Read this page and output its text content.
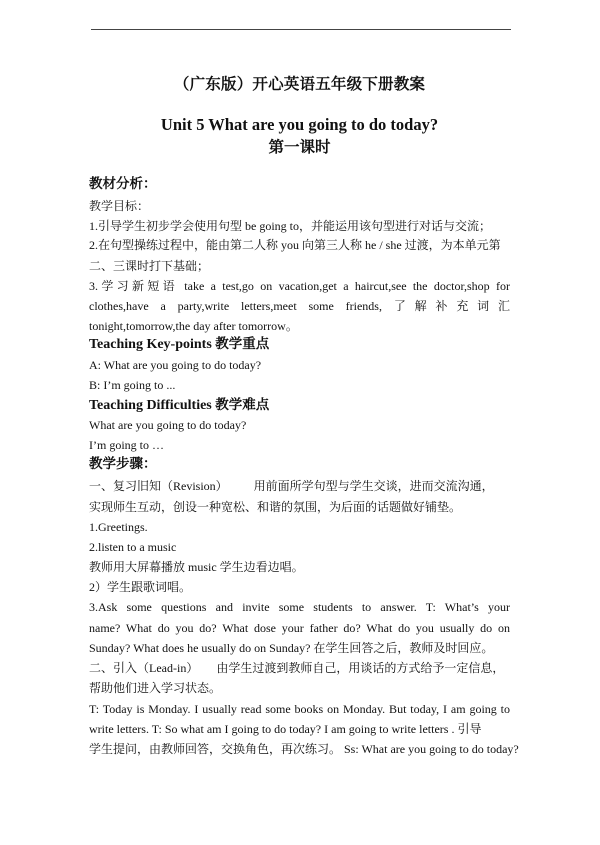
（广东版）开心英语五年级下册教案
Unit 5 What are you going to do today?
第一课时
教材分析：
教学目标：
1.引导学生初步学会使用句型 be going to，并能运用该句型进行对话与交流；
2.在句型操练过程中，能由第二人称 you 向第三人称 he / she 过渡，为本单元第
二、三课时打下基础；
3.学习新短语 take a test,go on vacation,get a haircut,see the doctor,shop for
clothes,have a party,write letters,meet some friends, 了解补充词汇
tonight,tomorrow,the day after tomorrow。
Teaching Key-points 教学重点
A: What are you going to do today?
B: I’m going to ...
Teaching Difficulties 教学难点
What are you going to do today?
I’m going to …
教学步骤：
一、复习旧知（Revision） 用前面所学句型与学生交谈，进而交流沟通，
实现师生互动，创设一种宽松、和谐的氛围，为后面的话题做好铺垫。
1.Greetings.
2.listen to a music
教师用大屏幕播放 music 学生边看边唱。
2）学生跟歌词唱。
3.Ask some questions and invite some students to answer. T: What’s your
name? What do you do? What dose your father do? What do you usually do on
Sunday? What does he usually do on Sunday? 在学生回答之后，教师及时回应。
二、引入（Lead-in） 由学生过渡到教师自己，用谈话的方式给予一定信息，
帮助他们进入学习状态。
T: Today is Monday. I usually read some books on Monday. But today, I am going to
write letters. T: So what am I going to do today? I am going to write letters . 引导
学生提问，由教师回答，交换角色，再次练习。 Ss: What are you going to do today?
